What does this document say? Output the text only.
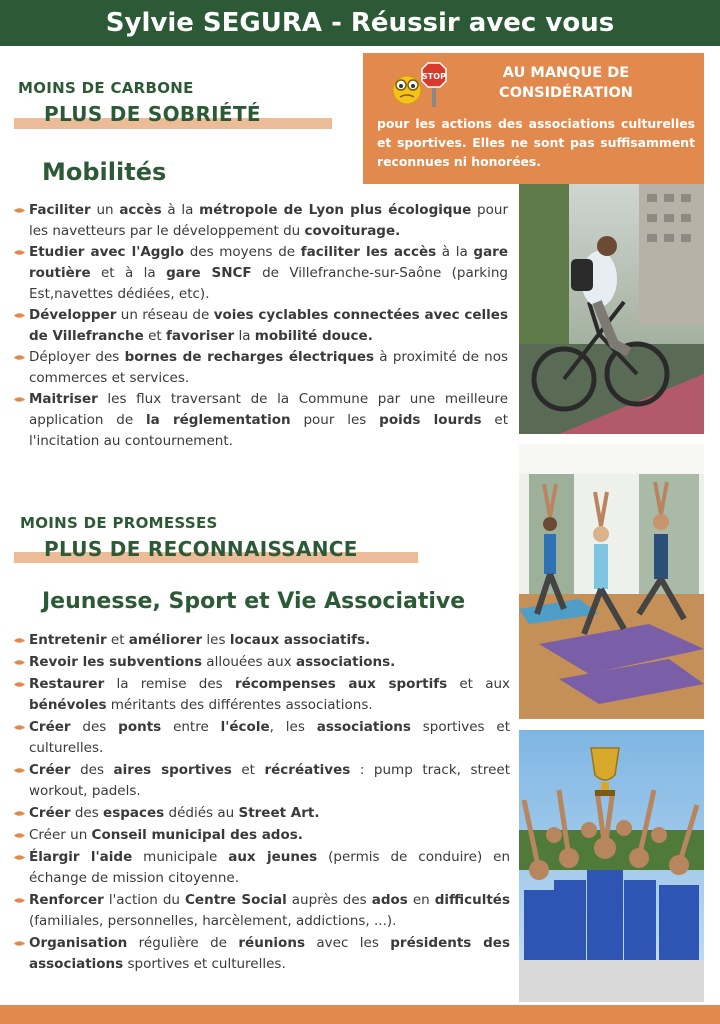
Sylvie SEGURA - Réussir avec vous
MOINS DE CARBONE
PLUS DE SOBRIÉTÉ
Mobilités
STOP	AU MANQUE DE CONSIDÉRATION
pour les actions des associations culturelles et sportives. Elles ne sont pas suffisamment reconnues ni honorées.
Faciliter un accès à la métropole de Lyon plus écologique pour les navetteurs par le développement du covoiturage.
Etudier avec l'Agglo des moyens de faciliter les accès à la gare routière et à la gare SNCF de Villefranche-sur-Saône (parking Est,navettes dédiées, etc).
Développer un réseau de voies cyclables connectées avec celles de Villefranche et favoriser la mobilité douce.
Déployer des bornes de recharges électriques à proximité de nos commerces et services.
Maitriser les flux traversant de la Commune par une meilleure application de la réglementation pour les poids lourds et l'incitation au contournement.
MOINS DE PROMESSES
PLUS DE RECONNAISSANCE
Jeunesse, Sport et Vie Associative
Entretenir et améliorer les locaux associatifs.
Revoir les subventions allouées aux associations.
Restaurer la remise des récompenses aux sportifs et aux bénévoles méritants des différentes associations.
Créer des ponts entre l'école, les associations sportives et culturelles.
Créer des aires sportives et récréatives : pump track, street workout, padels.
Créer des espaces dédiés au Street Art.
Créer un Conseil municipal des ados.
Élargir l'aide municipale aux jeunes (permis de conduire) en échange de mission citoyenne.
Renforcer l'action du Centre Social auprès des ados en difficultés (familiales, personnelles, harcèlement, addictions, ...).
Organisation régulière de réunions avec les présidents des associations sportives et culturelles.
